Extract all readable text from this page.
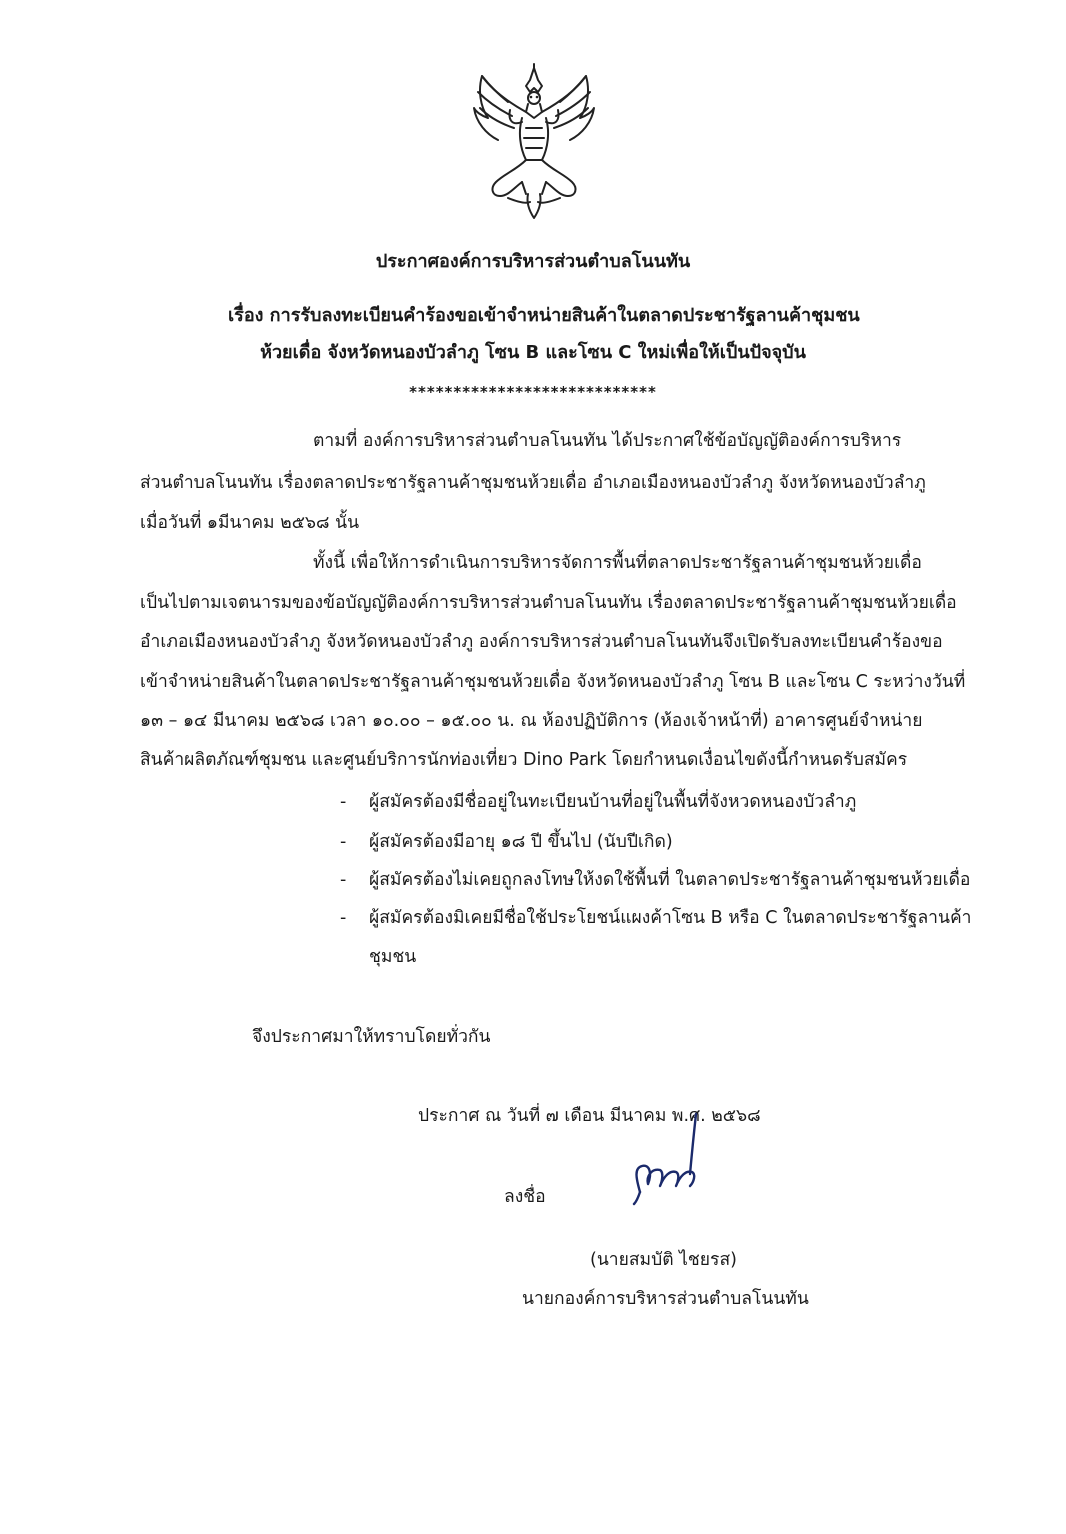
ประกาศองค์การบริหารส่วนตำบลโนนทัน
เรื่อง การรับลงทะเบียนคำร้องขอเข้าจำหน่ายสินค้าในตลาดประชารัฐลานค้าชุมชน
ห้วยเดื่อ จังหวัดหนองบัวลำภู โซน B และโซน C ใหม่เพื่อให้เป็นปัจจุบัน
****************************
ตามที่ องค์การบริหารส่วนตำบลโนนทัน ได้ประกาศใช้ข้อบัญญัติองค์การบริหาร
ส่วนตำบลโนนทัน เรื่องตลาดประชารัฐลานค้าชุมชนห้วยเดื่อ อำเภอเมืองหนองบัวลำภู จังหวัดหนองบัวลำภู
เมื่อวันที่ ๑มีนาคม ๒๕๖๘ นั้น
ทั้งนี้ เพื่อให้การดำเนินการบริหารจัดการพื้นที่ตลาดประชารัฐลานค้าชุมชนห้วยเดื่อ
เป็นไปตามเจตนารมของข้อบัญญัติองค์การบริหารส่วนตำบลโนนทัน เรื่องตลาดประชารัฐลานค้าชุมชนห้วยเดื่อ
อำเภอเมืองหนองบัวลำภู จังหวัดหนองบัวลำภู องค์การบริหารส่วนตำบลโนนทันจึงเปิดรับลงทะเบียนคำร้องขอ
เข้าจำหน่ายสินค้าในตลาดประชารัฐลานค้าชุมชนห้วยเดื่อ จังหวัดหนองบัวลำภู โซน B และโซน C ระหว่างวันที่
๑๓ – ๑๔ มีนาคม ๒๕๖๘ เวลา ๑๐.๐๐ – ๑๕.๐๐ น. ณ ห้องปฏิบัติการ (ห้องเจ้าหน้าที่) อาคารศูนย์จำหน่าย
สินค้าผลิตภัณฑ์ชุมชน และศูนย์บริการนักท่องเที่ยว Dino Park โดยกำหนดเงื่อนไขดังนี้กำหนดรับสมัคร
- ผู้สมัครต้องมีชื่ออยู่ในทะเบียนบ้านที่อยู่ในพื้นที่จังหวดหนองบัวลำภู
- ผู้สมัครต้องมีอายุ ๑๘ ปี ขึ้นไป (นับปีเกิด)
- ผู้สมัครต้องไม่เคยถูกลงโทษให้งดใช้พื้นที่ ในตลาดประชารัฐลานค้าชุมชนห้วยเดื่อ
- ผู้สมัครต้องมิเคยมีชื่อใช้ประโยชน์แผงค้าโซน B หรือ C ในตลาดประชารัฐลานค้า
ชุมชน
จึงประกาศมาให้ทราบโดยทั่วกัน
ประกาศ ณ วันที่ ๗ เดือน มีนาคม พ.ศ. ๒๕๖๘
ลงชื่อ
(นายสมบัติ ไชยรส)
นายกองค์การบริหารส่วนตำบลโนนทัน
